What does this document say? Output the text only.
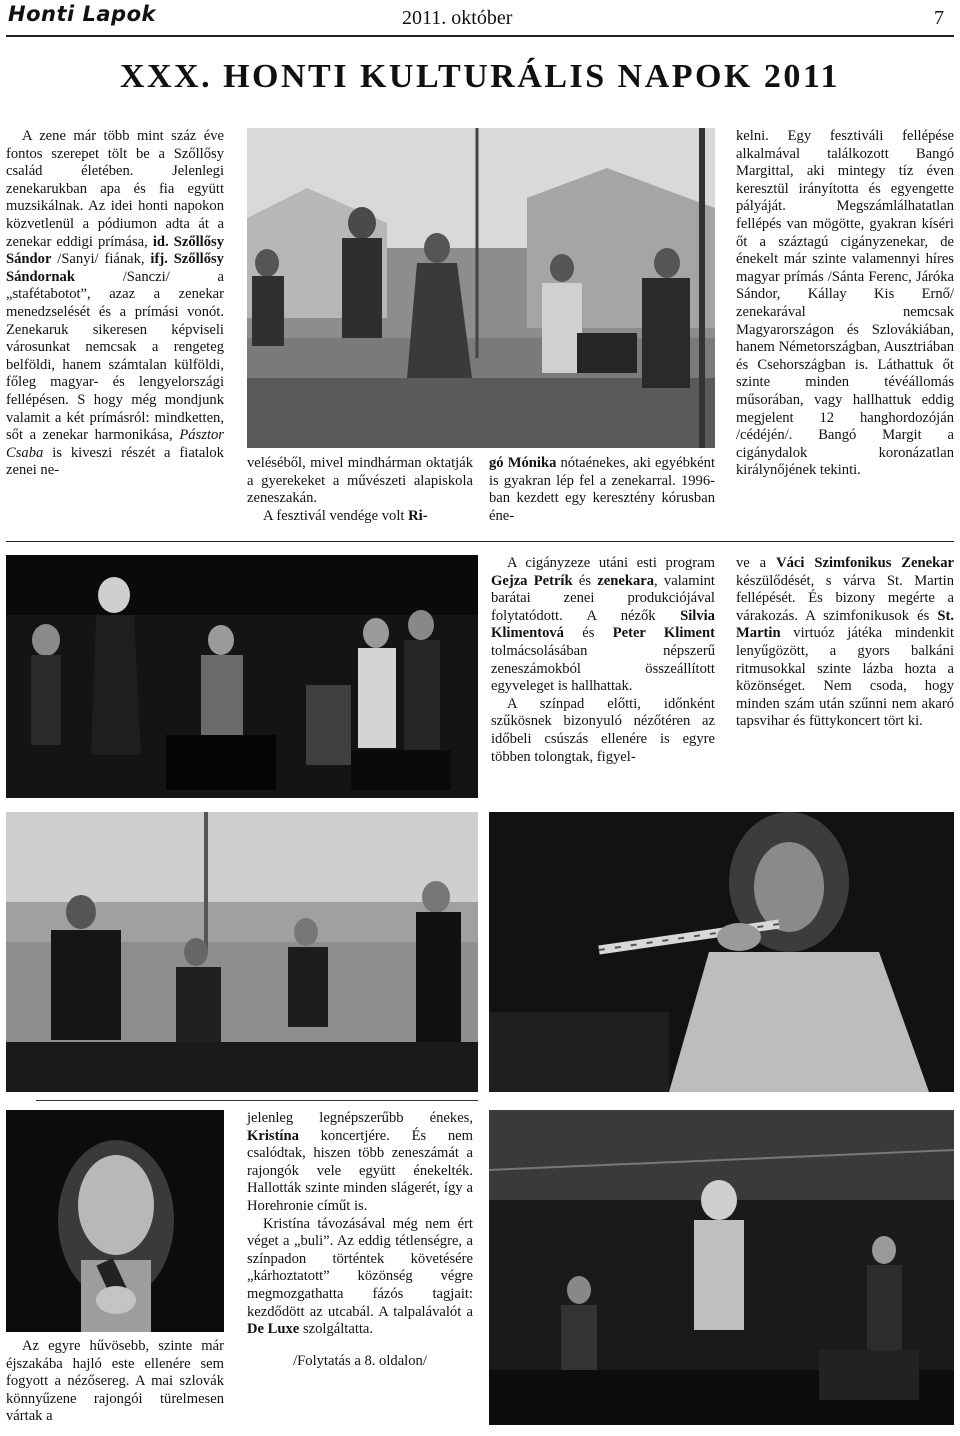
Honti Lapok	2011. október	7
XXX. HONTI KULTURÁLIS NAPOK 2011

A zene már több mint száz éve fontos szerepet tölt be a Szőllősy család életében. Jelenlegi zenekarukban apa és fia együtt muzsikálnak. Az idei honti napokon közvetlenül a pódiumon adta át a zenekar eddigi prímása, id. Szőllősy Sándor /Sanyi/ fiának, ifj. Szőllősy Sándornak	/Sanczi/ a „stafétabotot”, azaz a zenekar menedzselését és a prímási vonót. Zenekaruk sikeresen képviseli városunkat nemcsak a rengeteg belföldi, hanem számtalan külföldi, főleg magyar- és lengyelországi fellépésen. S hogy még mondjunk valamit a két prímásról: mindketten, sőt a zenekar harmonikása, Pásztor Csaba is kiveszi részét a fiatalok zenei ne-	veléséből, mivel mindhárman oktatják a gyerekeket a művészeti alapiskola zeneszakán.

A fesztivál vendége volt Ri-

gó Mónika nótaénekes, aki egyébként is gyakran lép fel a zenekarral. 1996-ban kezdett egy keresztény kórusban éne-

kelni. Egy fesztiváli fellépése alkalmával találkozott Bangó Margittal, aki mintegy tíz éven keresztül irányította és egyengette pályáját. Megszámlálhatatlan fellépés van mögötte, gyakran kíséri őt a száztagú cigányzenekar, de énekelt már szinte valamennyi híres magyar prímás /Sánta Ferenc, Járóka Sándor, Kállay Kis Ernő/ zenekarával nemcsak Magyarországon és Szlovákiában, hanem Németországban, Ausztriában és Csehországban is. Láthattuk őt szinte minden tévéállomás műsorában, vagy hallhattuk eddig megjelent 12 hanghordozóján /cédéjén/. Bangó Margit a cigánydalok koronázatlan királynőjének tekinti.

A cigányzeze utáni esti program Gejza Petrík és zenekara, valamint barátai zenei produkciójával folytatódott. A nézők Silvia Klimentová és Peter Kliment tolmácsolásában népszerű zeneszámokból összeállított egyveleget is hallhattak.

A színpad előtti, időnként szűkösnek bizonyuló nézőtéren az időbeli csúszás ellenére is egyre többen tolongtak, figyel-

ve a Váci Szimfonikus Zenekar készülődését, s várva St. Martin fellépését. És bizony megérte a várakozás. A szimfonikusok és St. Martin virtuóz játéka mindenkit lenyűgözött, a gyors balkáni ritmusokkal szinte lázba hozta a közönséget. Nem csoda, hogy minden szám után szűnni nem akaró tapsvihar és füttykoncert tört ki.

Az egyre hűvösebb, szinte már éjszakába hajló este ellenére sem fogyott a nézősereg. A mai szlovák könnyűzene rajongói türelmesen vártak a

jelenleg legnépszerűbb énekes, Kristína koncertjére. És nem csalódtak, hiszen több zeneszámát a rajongók vele együtt énekelték. Hallották szinte minden slágerét, így a Horehronie címűt is.

Kristína távozásával még nem ért véget a „buli”. Az eddig tétlenségre, a színpadon történtek követésére „kárhoztatott” közönség végre megmozgathatta fázós tagjait: kezdődött az utcabál. A talpalávalót a De Luxe szolgáltatta.

/Folytatás a 8. oldalon/
